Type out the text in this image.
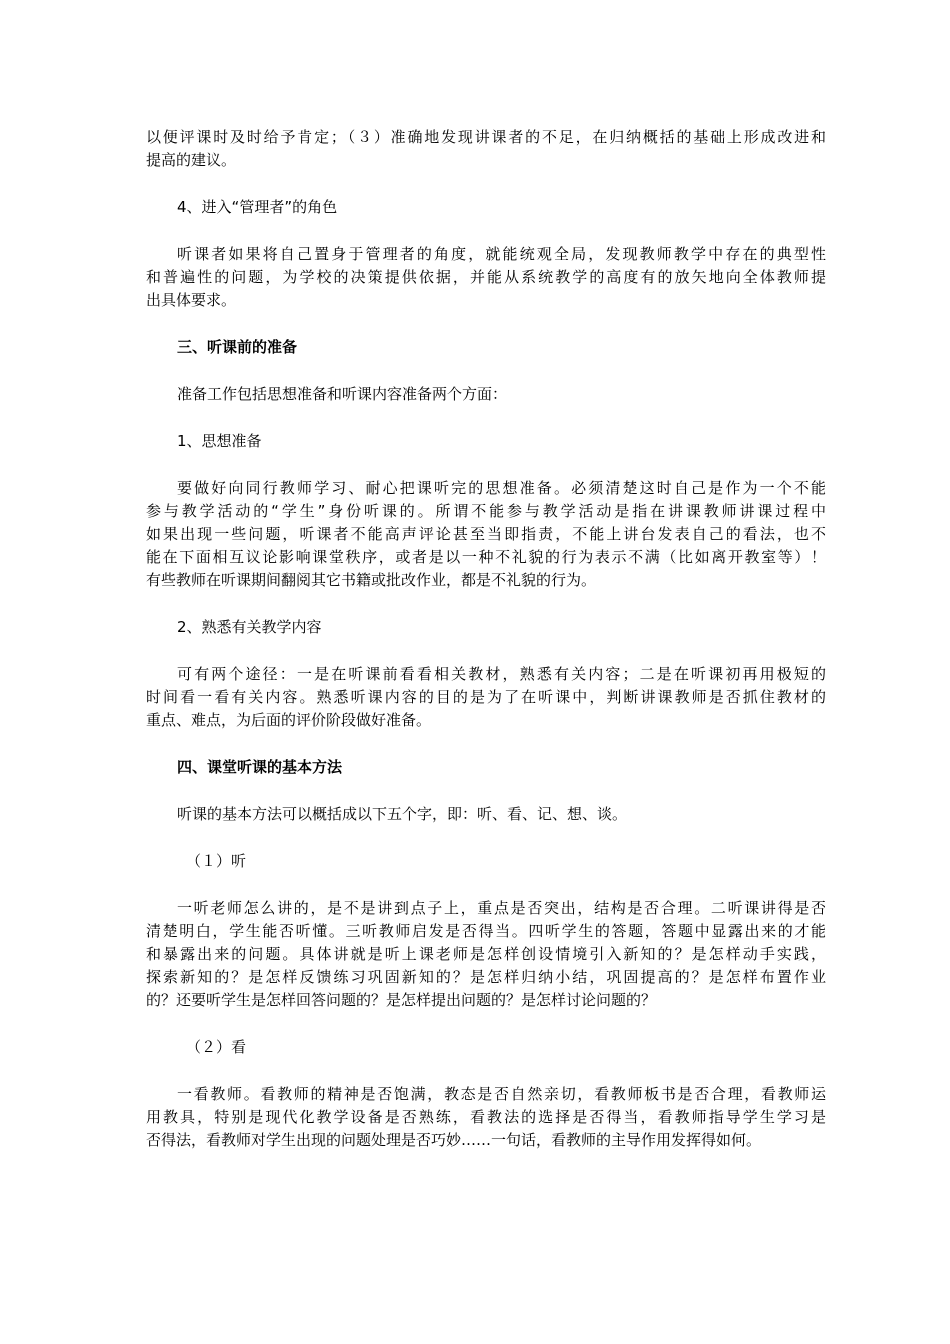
以便评课时及时给予肯定；（３）准确地发现讲课者的不足，在归纳概括的基础上形成改进和
提高的建议。
4、进入“管理者”的角色
听课者如果将自己置身于管理者的角度，就能统观全局，发现教师教学中存在的典型性
和普遍性的问题，为学校的决策提供依据，并能从系统教学的高度有的放矢地向全体教师提
出具体要求。
三、听课前的准备
准备工作包括思想准备和听课内容准备两个方面：
1、思想准备
要做好向同行教师学习、耐心把课听完的思想准备。必须清楚这时自己是作为一个不能
参与教学活动的“学生”身份听课的。所谓不能参与教学活动是指在讲课教师讲课过程中
如果出现一些问题，听课者不能高声评论甚至当即指责，不能上讲台发表自己的看法，也不
能在下面相互议论影响课堂秩序，或者是以一种不礼貌的行为表示不满（比如离开教室等）！
有些教师在听课期间翻阅其它书籍或批改作业，都是不礼貌的行为。
2、熟悉有关教学内容
可有两个途径：一是在听课前看看相关教材，熟悉有关内容；二是在听课初再用极短的
时间看一看有关内容。熟悉听课内容的目的是为了在听课中，判断讲课教师是否抓住教材的
重点、难点，为后面的评价阶段做好准备。
四、课堂听课的基本方法
听课的基本方法可以概括成以下五个字，即：听、看、记、想、谈。
（１）听
一听老师怎么讲的，是不是讲到点子上，重点是否突出，结构是否合理。二听课讲得是否
清楚明白，学生能否听懂。三听教师启发是否得当。四听学生的答题，答题中显露出来的才能
和暴露出来的问题。具体讲就是听上课老师是怎样创设情境引入新知的？是怎样动手实践，
探索新知的？是怎样反馈练习巩固新知的？是怎样归纳小结，巩固提高的？是怎样布置作业
的？还要听学生是怎样回答问题的？是怎样提出问题的？是怎样讨论问题的？
（２）看
一看教师。看教师的精神是否饱满，教态是否自然亲切，看教师板书是否合理，看教师运
用教具，特别是现代化教学设备是否熟练，看教法的选择是否得当，看教师指导学生学习是
否得法，看教师对学生出现的问题处理是否巧妙……一句话，看教师的主导作用发挥得如何。
